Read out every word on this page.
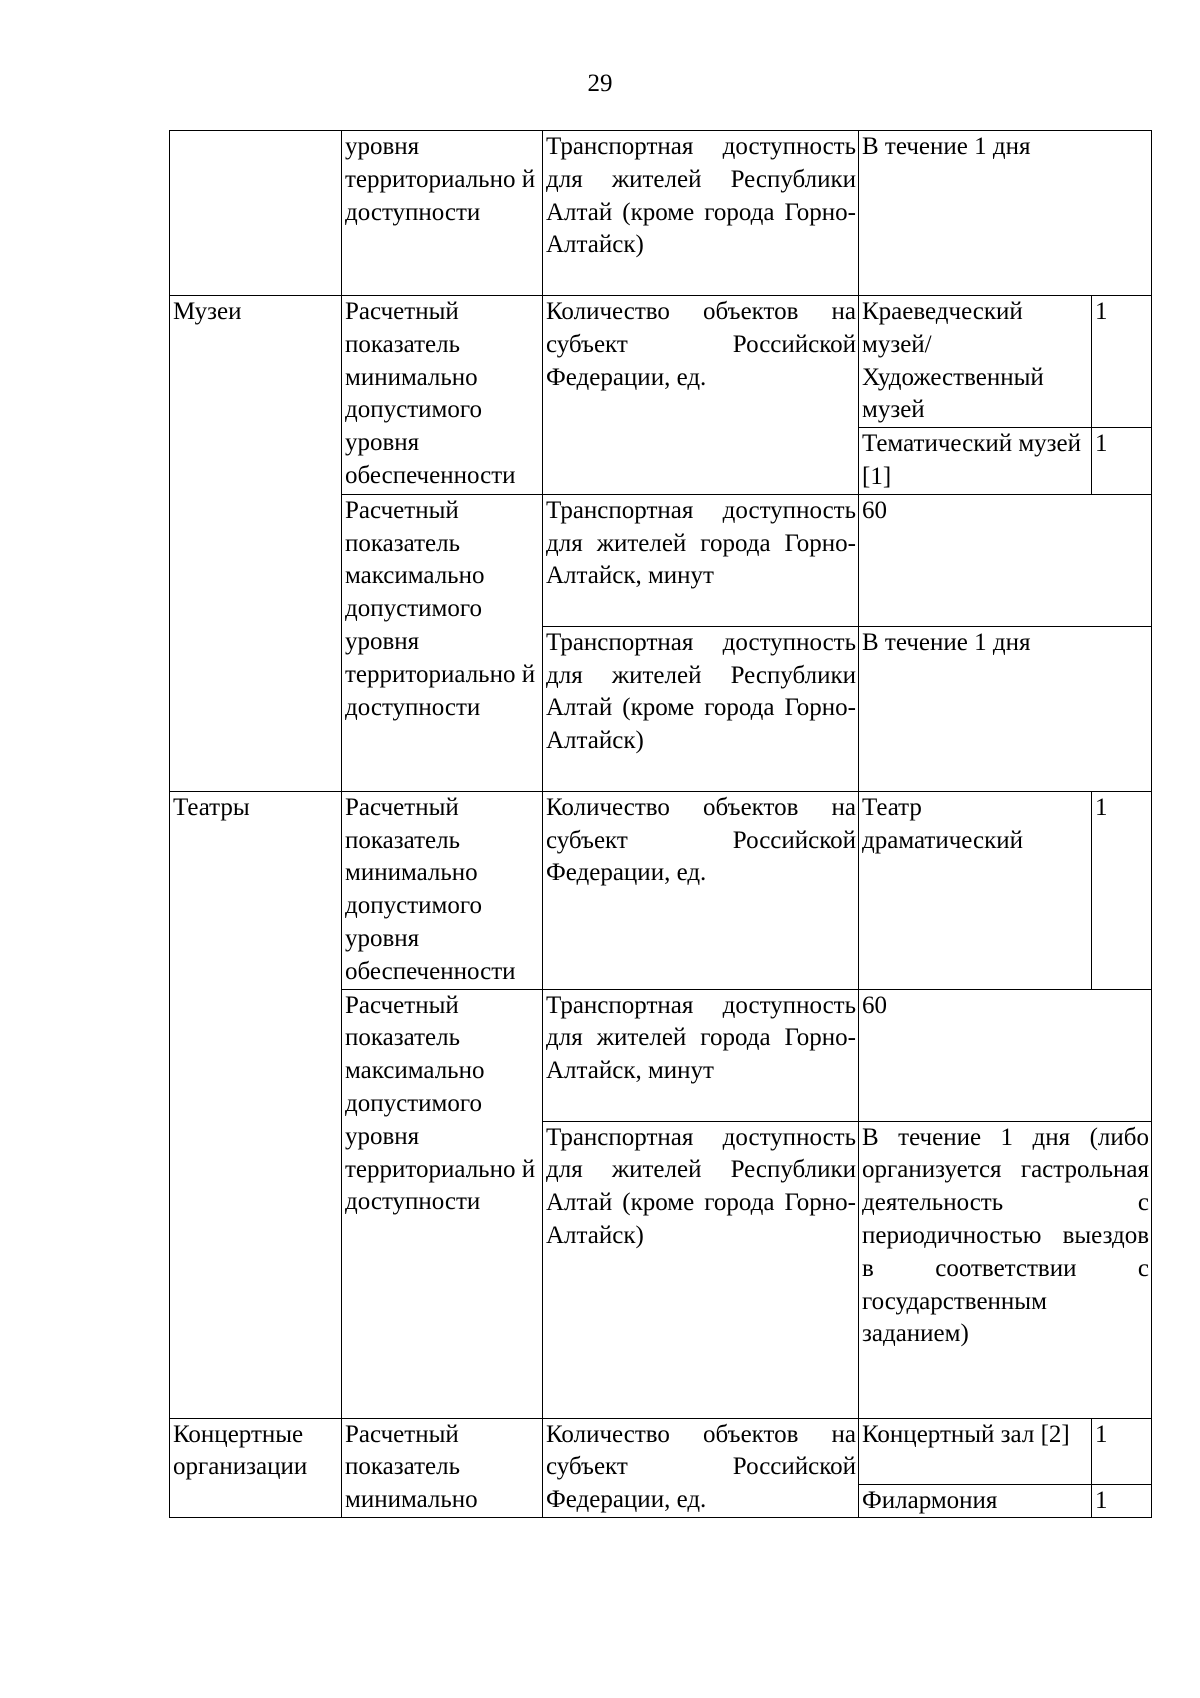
29
	уровня территориально й доступности	Транспортная доступность для жителей Республики Алтай (кроме города Горно-Алтайск)	В течение 1 дня	
Музеи	Расчетный показатель минимально допустимого уровня обеспеченности	Количество объектов на субъект Российской Федерации, ед.	Краеведческий музей/ Художественный музей	1
			Тематический музей [1]	1
	Расчетный показатель максимально допустимого уровня территориально й доступности	Транспортная доступность для жителей города Горно-Алтайск, минут	60	
		Транспортная доступность для жителей Республики Алтай (кроме города Горно-Алтайск)	В течение 1 дня	
Театры	Расчетный показатель минимально допустимого уровня обеспеченности	Количество объектов на субъект Российской Федерации, ед.	Театр драматический	1
	Расчетный показатель максимально допустимого уровня территориально й доступности	Транспортная доступность для жителей города Горно-Алтайск, минут	60	
		Транспортная доступность для жителей Республики Алтай (кроме города Горно-Алтайск)	В течение 1 дня (либо организуется гастрольная деятельность с периодичностью выездов в соответствии с государственным заданием)	
Концертные организации	Расчетный показатель минимально	Количество объектов на субъект Российской Федерации, ед.	Концертный зал [2]	1
			Филармония	1
